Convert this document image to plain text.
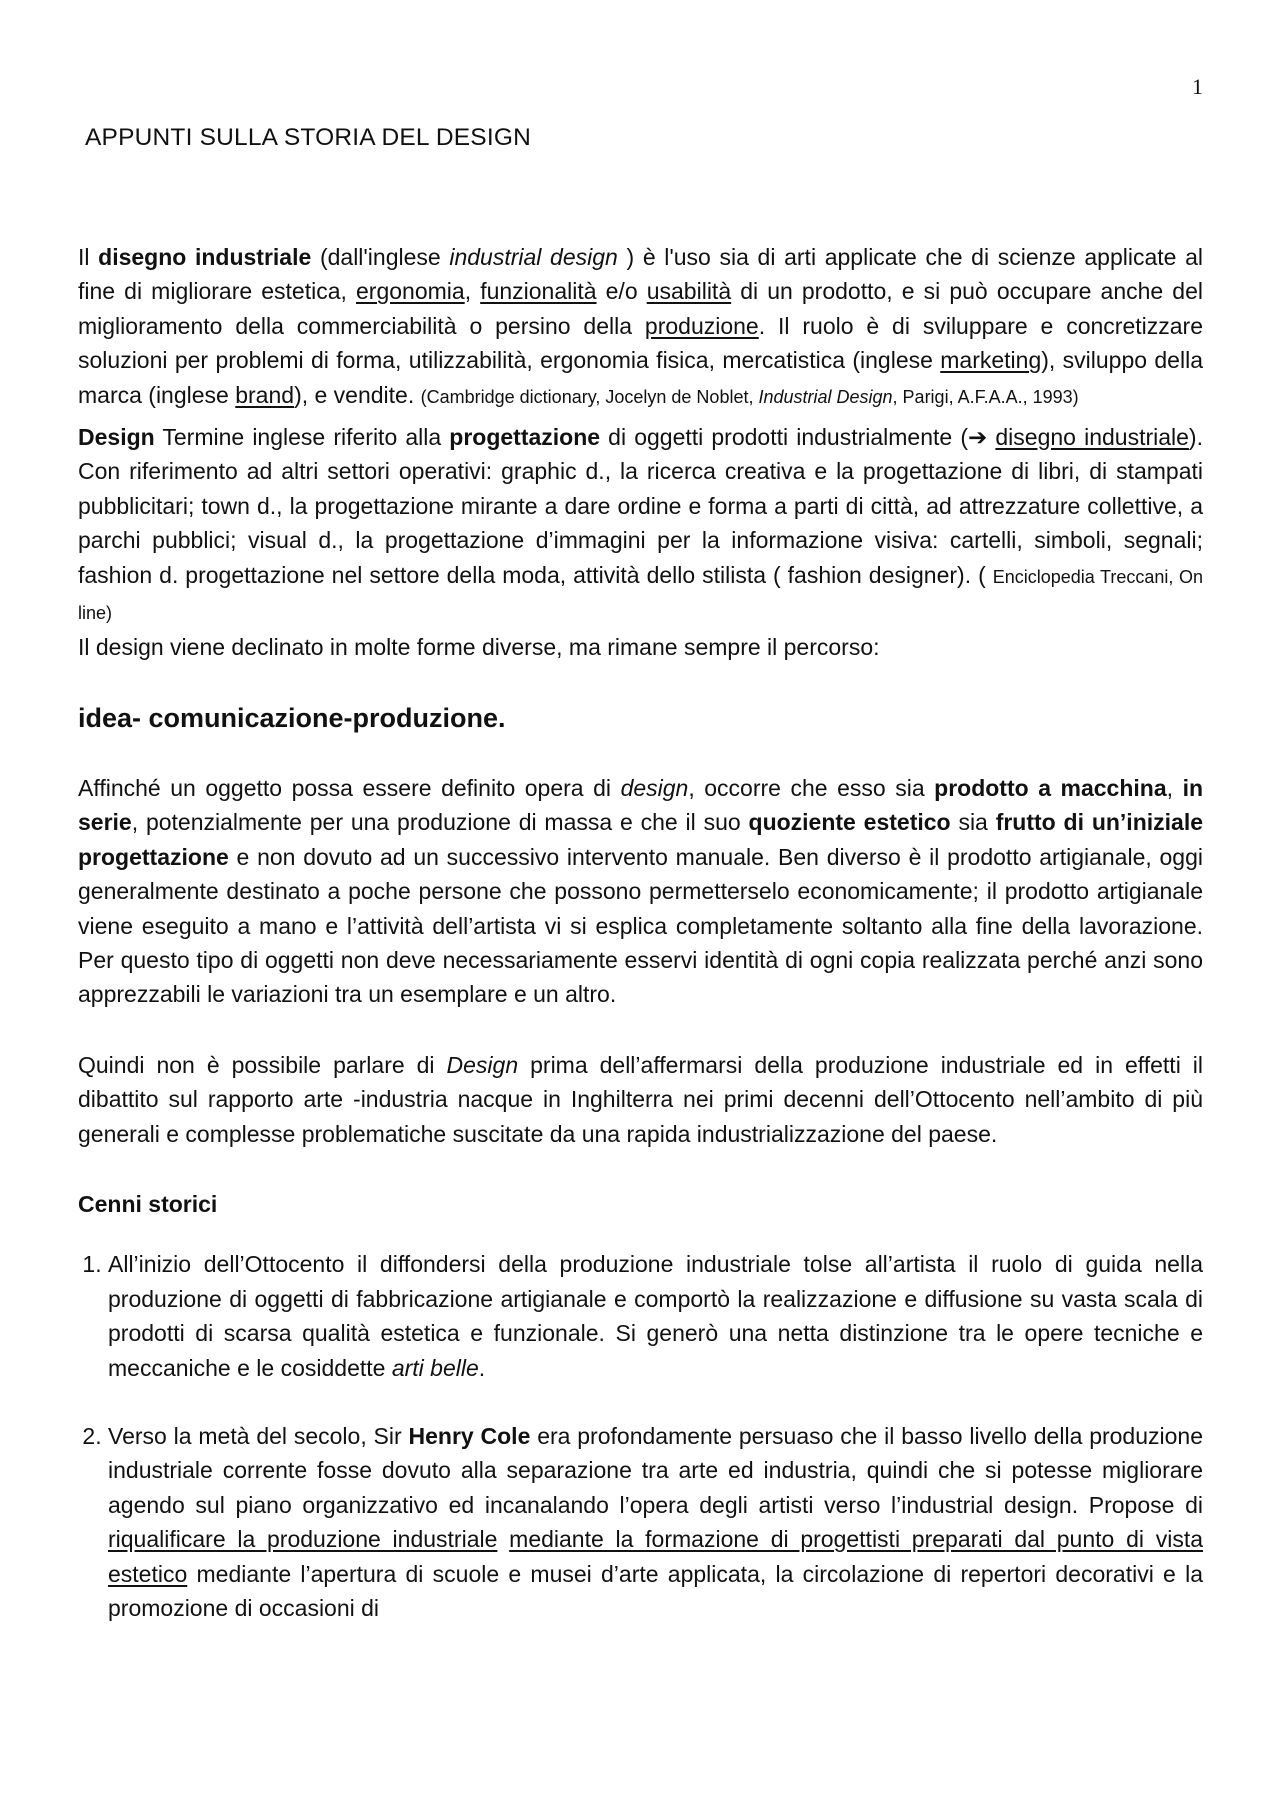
1
APPUNTI SULLA STORIA DEL DESIGN

Il disegno industriale (dall'inglese industrial design ) è l'uso sia di arti applicate che di scienze applicate al fine di migliorare estetica, ergonomia, funzionalità e/o usabilità di un prodotto, e si può occupare anche del miglioramento della commerciabilità o persino della produzione. Il ruolo è di sviluppare e concretizzare soluzioni per problemi di forma, utilizzabilità, ergonomia fisica, mercatistica (inglese marketing), sviluppo della marca (inglese brand), e vendite. (Cambridge dictionary, Jocelyn de Noblet, Industrial Design, Parigi, A.F.A.A., 1993)

Design Termine inglese riferito alla progettazione di oggetti prodotti industrialmente (➔ disegno industriale). Con riferimento ad altri settori operativi: graphic d., la ricerca creativa e la progettazione di libri, di stampati pubblicitari; town d., la progettazione mirante a dare ordine e forma a parti di città, ad attrezzature collettive, a parchi pubblici; visual d., la progettazione d’immagini per la informazione visiva: cartelli, simboli, segnali; fashion d. progettazione nel settore della moda, attività dello stilista ( fashion designer). ( Enciclopedia Treccani, On line)

Il design viene declinato in molte forme diverse, ma rimane sempre il percorso:

idea- comunicazione-produzione.

Affinché un oggetto possa essere definito opera di design, occorre che esso sia prodotto a macchina, in serie, potenzialmente per una produzione di massa e che il suo quoziente estetico sia frutto di un’iniziale progettazione e non dovuto ad un successivo intervento manuale. Ben diverso è il prodotto artigianale, oggi generalmente destinato a poche persone che possono permetterselo economicamente; il prodotto artigianale viene eseguito a mano e l’attività dell’artista vi si esplica completamente soltanto alla fine della lavorazione. Per questo tipo di oggetti non deve necessariamente esservi identità di ogni copia realizzata perché anzi sono apprezzabili le variazioni tra un esemplare e un altro.

Quindi non è possibile parlare di Design prima dell’affermarsi della produzione industriale ed in effetti il dibattito sul rapporto arte -industria nacque in Inghilterra nei primi decenni dell’Ottocento nell’ambito di più generali e complesse problematiche suscitate da una rapida industrializzazione del paese.

Cenni storici

1. All’inizio dell’Ottocento il diffondersi della produzione industriale tolse all’artista il ruolo di guida nella produzione di oggetti di fabbricazione artigianale e comportò la realizzazione e diffusione su vasta scala di prodotti di scarsa qualità estetica e funzionale. Si generò una netta distinzione tra le opere tecniche e meccaniche e le cosiddette arti belle.
2. Verso la metà del secolo, Sir Henry Cole era profondamente persuaso che il basso livello della produzione industriale corrente fosse dovuto alla separazione tra arte ed industria, quindi che si potesse migliorare agendo sul piano organizzativo ed incanalando l’opera degli artisti verso l’industrial design. Propose di riqualificare la produzione industriale mediante la formazione di progettisti preparati dal punto di vista estetico mediante l’apertura di scuole e musei d’arte applicata, la circolazione di repertori decorativi e la promozione di occasioni di
